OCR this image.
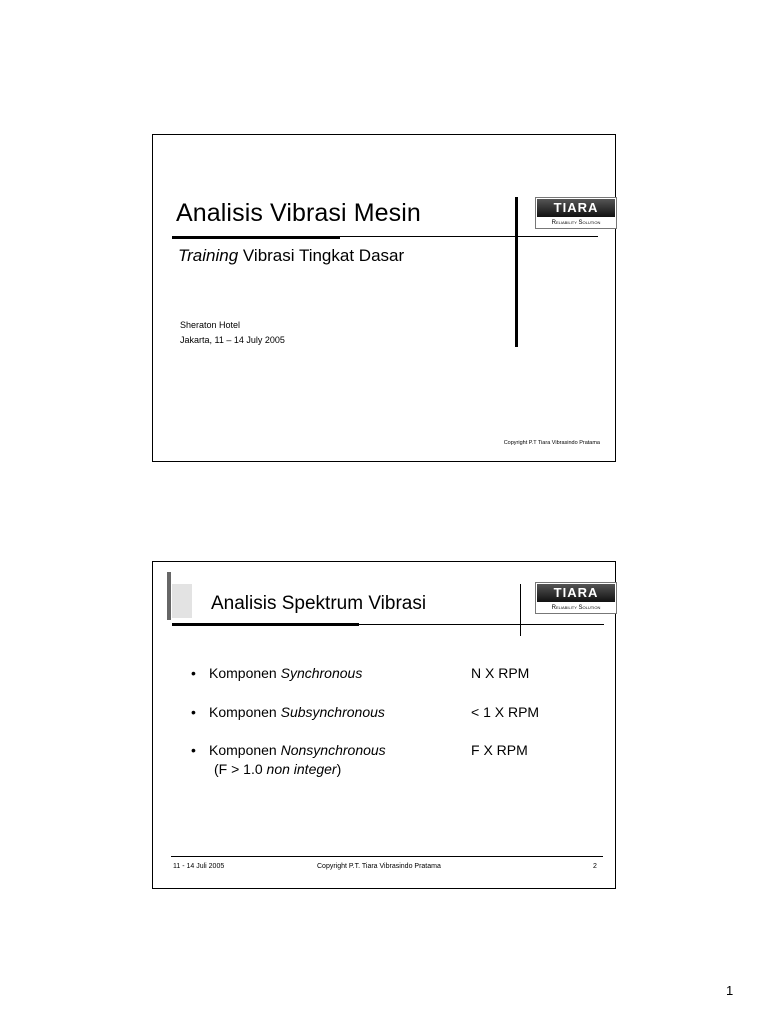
Analisis Vibrasi Mesin	TIARA
Reliability Solution
Training Vibrasi Tingkat Dasar
Sheraton Hotel
Jakarta, 11 – 14 July 2005
Copyright P.T Tiara Vibrasindo Pratama
Analisis Spektrum Vibrasi
TIARA
Reliability Solution
• Komponen Synchronous	N X RPM
• Komponen Subsynchronous	< 1 X RPM
• Komponen Nonsynchronous	F X RPM
(F > 1.0 non integer)
11 - 14 Juli 2005	Copyright P.T. Tiara Vibrasindo Pratama	2
1
